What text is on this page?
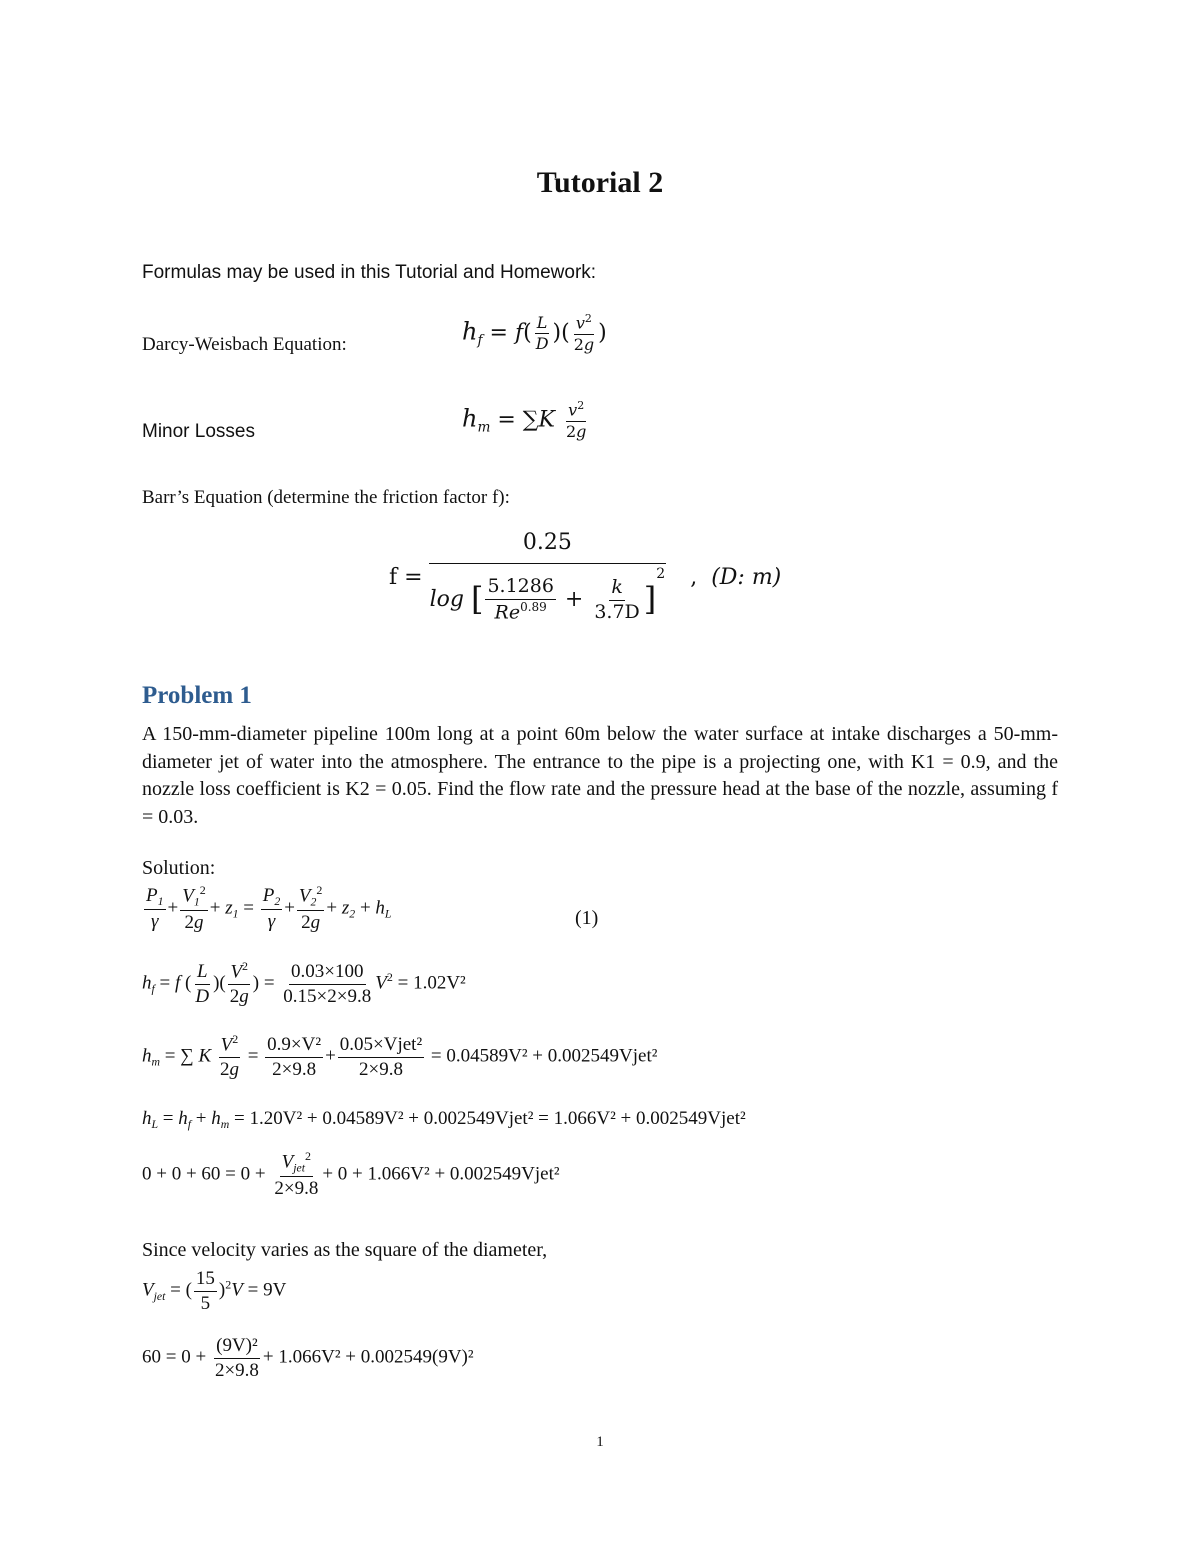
Tutorial 2
Formulas may be used in this Tutorial and Homework:
Darcy-Weisbach Equation:	$h_f = f( \frac{L}{D}$ )( $\frac{v^2}{2g}$ )
Minor Losses	$h_m = \sum K \frac{v^2}{2g}$
Barr’s Equation (determine the friction factor f):
f =	0.25	,  (D: m)
log [ $\frac{5.1286}{Re^{0.89}} + \frac{k}{3.7D} ]^2$
Problem 1
A 150-mm-diameter pipeline 100m long at a point 60m below the water surface at intake discharges a 50-mm-diameter jet of water into the atmosphere. The entrance to the pipe is a projecting one, with K1 = 0.9, and the nozzle loss coefficient is K2 = 0.05. Find the flow rate and the pressure head at the base of the nozzle, assuming f = 0.03.
Solution:
$\frac{P_1}{\gamma} + \frac{V_1^2}{2g} + z_1 = \frac{P_2}{\gamma} + \frac{V_2^2}{2g} + z_2 + h_L$	(1)
$h_f = f$ ( $\frac{L}{D}$ )( $\frac{V^2}{2g}$ ) = $\frac{0.03\times 100}{0.15\times 2\times 9.8} V^2 = 1.02V^2$
$h_m$ = ∑ K $\frac{V^2}{2g} = \frac{\text{0.9×V²}}{2\times 9.8}$ +
0.05×Vjet²
2×9.8
= 0.04589V² + 0.002549Vjet²
$h_L = h_f + h_m = 1.20V^2 + 0.04589V^2$ + 0.002549Vjet² = 1.066V² + 0.002549Vjet²
0 + 0 + 60 = 0 +
$V_{jet}^2$
2×9.8
+ 0 + 1.066V² + 0.002549Vjet²
Since velocity varies as the square of the diameter,
$V_{jet}$ = ( $\frac{15}{5} )^2V = 9V$
$60 = 0 + \frac{\text{(9V)²}}{2\times 9.8} + 1.066V^2 + 0.002549(9V)^2$
1
